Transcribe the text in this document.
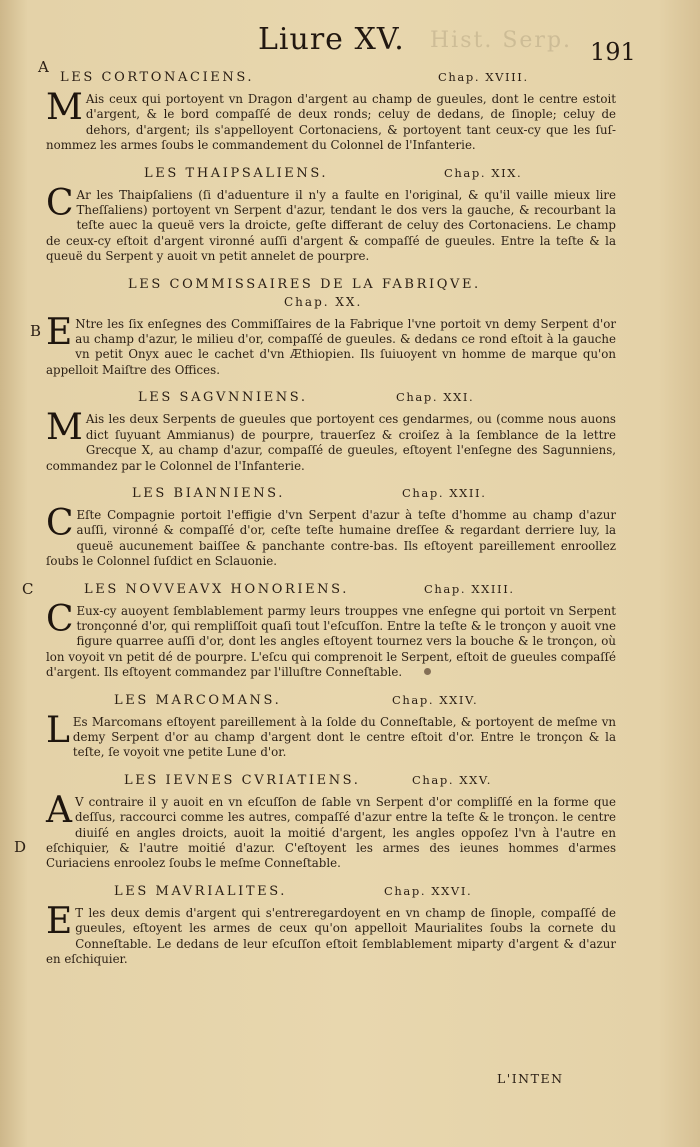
Hist. Serp.
Liure XV.	191
A
B
C
D
LES CORTONACIENS.	Chap. XVIII.

M Ais ceux qui portoyent vn Dragon d'argent au champ de gueules, dont le centre estoit d'argent, & le bord compaſſé de deux ronds; celuy de dedans, de ſinople; celuy de dehors, d'argent; ils s'appelloyent Cortonaciens, & portoyent tant ceux-cy que les ſuſ-nommez les armes ſoubs le commandement du Colonnel de l'Infanterie.

LES THAIPSALIENS.	Chap. XIX.

C Ar les Thaipſaliens (ſi d'aduenture il n'y a faulte en l'original, & qu'il vaille mieux lire Theſſaliens) portoyent vn Serpent d'azur, tendant le dos vers la gauche, & recourbant la teſte auec la queuë vers la droicte, geſte differant de celuy des Cortonaciens. Le champ de ceux-cy eſtoit d'argent vironné auſſi d'argent & compaſſé de gueules. Entre la teſte & la queuë du Serpent y auoit vn petit annelet de pourpre.

LES COMMISSAIRES DE LA FABRIQVE.
Chap. XX.

E Ntre les ſix enſegnes des Commiſſaires de la Fabrique l'vne portoit vn demy Serpent d'or au champ d'azur, le milieu d'or, compaſſé de gueules. & dedans ce rond eſtoit à la gauche vn petit Onyx auec le cachet d'vn Æthiopien. Ils ſuiuoyent vn homme de marque qu'on appelloit Maiſtre des Offices.

LES SAGVNNIENS.	Chap. XXI.

M Ais les deux Serpents de gueules que portoyent ces gendarmes, ou (comme nous auons dict ſuyuant Ammianus) de pourpre, trauerſez & croiſez à la ſemblance de la lettre Grecque X, au champ d'azur, compaſſé de gueules, eſtoyent l'enſegne des Sagunniens, commandez par le Colonnel de l'Infanterie.

LES BIANNIENS.	Chap. XXII.

C Eſte Compagnie portoit l'effigie d'vn Serpent d'azur à teſte d'homme au champ d'azur auſſi, vironné & compaſſé d'or, ceſte teſte humaine dreſſee & regardant derriere luy, la queuë aucunement baiſſee & panchante contre-bas. Ils eſtoyent pareillement enroollez ſoubs le Colonnel ſuſdict en Sclauonie.

LES NOVVEAVX HONORIENS.	Chap. XXIII.

C Eux-cy auoyent ſemblablement parmy leurs trouppes vne enſegne qui portoit vn Serpent tronçonné d'or, qui rempliſſoit quaſi tout l'eſcuſſon. Entre la teſte & le tronçon y auoit vne figure quarree auſſi d'or, dont les angles eſtoyent tournez vers la bouche & le tronçon, où lon voyoit vn petit dé de pourpre. L'eſcu qui comprenoit le Serpent, eſtoit de gueules compaſſé d'argent. Ils eſtoyent commandez par l'illuſtre Conneſtable.

LES MARCOMANS.	Chap. XXIV.

L Es Marcomans eſtoyent pareillement à la ſolde du Conneſtable, & portoyent de meſme vn demy Serpent d'or au champ d'argent dont le centre eſtoit d'or. Entre le tronçon & la teſte, ſe voyoit vne petite Lune d'or.

LES IEVNES CVRIATIENS.	Chap. XXV.

A V contraire il y auoit en vn eſcuſſon de ſable vn Serpent d'or compliſſé en la forme que deſſus, raccourci comme les autres, compaſſé d'azur entre la teſte & le tronçon. le centre diuiſé en angles droicts, auoit la moitié d'argent, les angles oppoſez l'vn à l'autre en eſchiquier, & l'autre moitié d'azur. C'eſtoyent les armes des ieunes hommes d'armes Curiaciens enroolez ſoubs le meſme Conneſtable.

LES MAVRIALITES.	Chap. XXVI.

E T les deux demis d'argent qui s'entreregardoyent en vn champ de ſinople, compaſſé de gueules, eſtoyent les armes de ceux qu'on appelloit Maurialites ſoubs la cornete du Conneſtable. Le dedans de leur eſcuſſon eſtoit ſemblablement miparty d'argent & d'azur en eſchiquier.

L'INTEN
